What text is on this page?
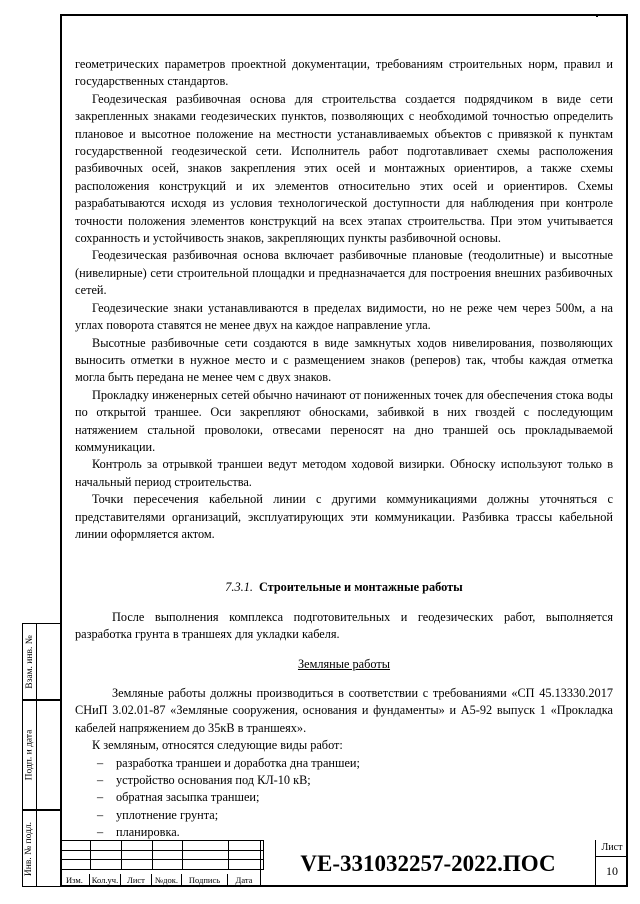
Взам. инв. №
Подп. и дата
Инв. № подл.

геометрических параметров проектной документации, требованиям строительных норм, правил и государственных стандартов.

Геодезическая разбивочная основа для строительства создается подрядчиком в виде сети закрепленных знаками геодезических пунктов, позволяющих с необходимой точностью определить плановое и высотное положение на местности устанавливаемых объектов с привязкой к пунктам государственной геодезической сети. Исполнитель работ подготавливает схемы расположения разбивочных осей, знаков закрепления этих осей и монтажных ориентиров, а также схемы расположения конструкций и их элементов относительно этих осей и ориентиров. Схемы разрабатываются исходя из условия технологической доступности для наблюдения при контроле точности положения элементов конструкций на всех этапах строительства. При этом учитывается сохранность и устойчивость знаков, закрепляющих пункты разбивочной основы.

Геодезическая разбивочная основа включает разбивочные плановые (теодолитные) и высотные (нивелирные) сети строительной площадки и предназначается для построения внешних разбивочных сетей.

Геодезические знаки устанавливаются в пределах видимости, но не реже чем через 500м, а на углах поворота ставятся не менее двух на каждое направление угла.

Высотные разбивочные сети создаются в виде замкнутых ходов нивелирования, позволяющих выносить отметки в нужное место и с размещением знаков (реперов) так, чтобы каждая отметка могла быть передана не менее чем с двух знаков.

Прокладку инженерных сетей обычно начинают от пониженных точек для обеспечения стока воды по открытой траншее. Оси закрепляют обносками, забивкой в них гвоздей с последующим натяжением стальной проволоки, отвесами переносят на дно траншей ось прокладываемой коммуникации.

Контроль за отрывкой траншеи ведут методом ходовой визирки. Обноску используют только в начальный период строительства.

Точки пересечения кабельной линии с другими коммуникациями должны уточняться с представителями организаций, эксплуатирующих эти коммуникации. Разбивка трассы кабельной линии оформляется актом.

7.3.1. Строительные и монтажные работы

После выполнения комплекса подготовительных и геодезических работ, выполняется разработка грунта в траншеях для укладки кабеля.

Земляные работы

Земляные работы должны производиться в соответствии с требованиями «СП 45.13330.2017 СНиП 3.02.01-87 «Земляные сооружения, основания и фундаменты» и А5-92 выпуск 1 «Прокладка кабелей напряжением до 35кВ в траншеях».

К земляным, относятся следующие виды работ:

– разработка траншеи и доработка дна траншеи;
– устройство основания под КЛ-10 кВ;
– обратная засыпка траншеи;
– уплотнение грунта;
– планировка.

Изм.	Кол.уч.	Лист	№док.	Подпись	Дата
VE-331032257-2022.ПОС
Лист
10
